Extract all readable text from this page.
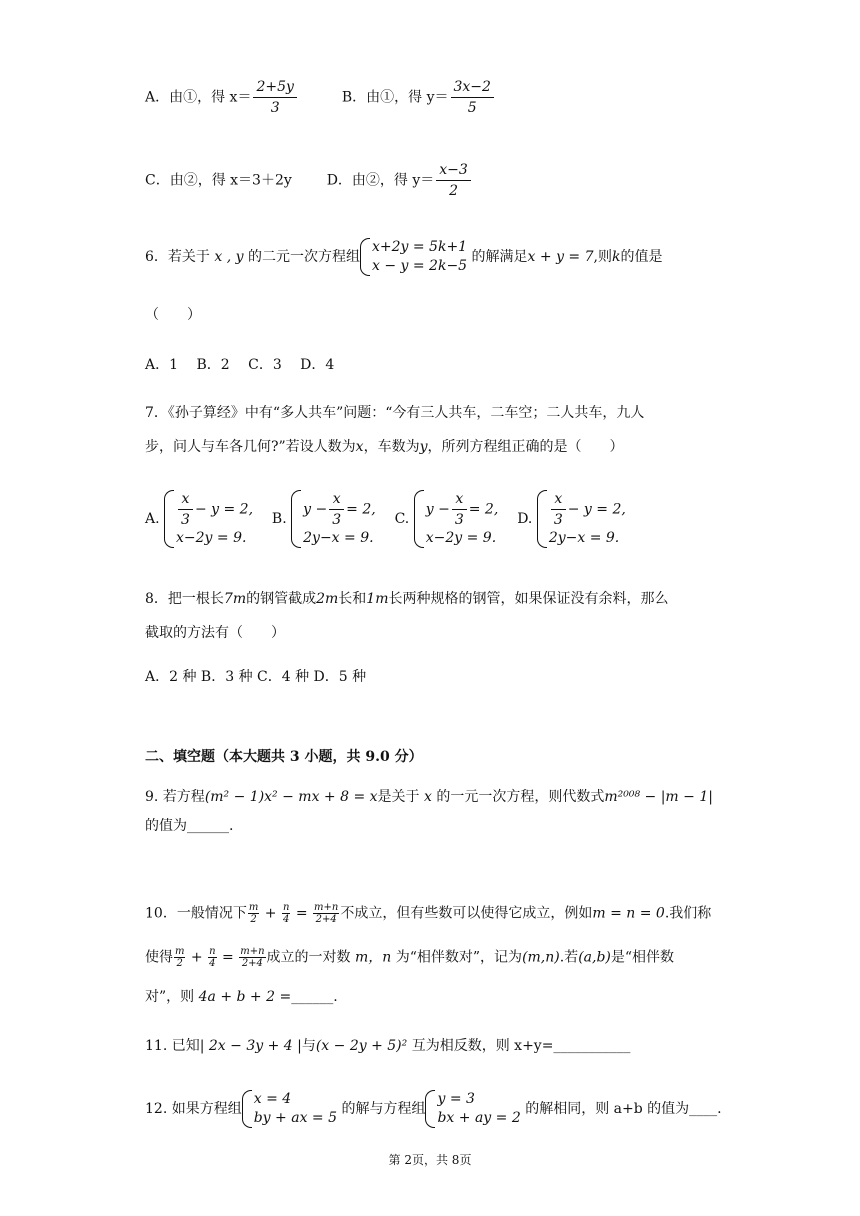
A．由①，得 $x= \frac{2+5y}{3}$	B．由①，得 $y= \frac{3x-2}{5}$
C．由②，得 x＝3＋2y D．由②，得 $y= \frac{x-3}{2}$
6．若关于 x , y 的二元一次方程组
x+2y = 5k+1
x − y = 2k−5
的解满足x + y = 7,则k的值是
（　　）
A．1　 B．2　 C．3　 D．4
7．《孙子算经》中有“多人共车”问题：“今有三人共车，二车空；二人共车，九人
步，问人与车各几何?”若设人数为x，车数为y，所列方程组正确的是（　　）
A. $\frac{x}{3} - y = 2$,
x−2y = 9.
B.
$y - \frac{x}{3} = 2$,
2y−x = 9.
C.
$y - \frac{x}{3} = 2$,
x−2y = 9.
D. $\frac{x}{3} - y = 2$,
2y−x = 9.
8．把一根长7m的钢管截成2m长和1m长两种规格的钢管，如果保证没有余料，那么
截取的方法有（　　）
A．2 种 B．3 种 C．4 种 D．5 种
二、填空题（本大题共 3 小题，共 9.0 分）
9. 若方程(m² − 1)x² − mx + 8 = x是关于 x 的一元一次方程，则代数式m²⁰⁰⁸ − |m − 1|
的值为______.
10．一般情况下 $\frac{m}{2} + \frac{n}{4} = \frac{m+n}{2+4}$ 不成立，但有些数可以使得它成立，例如m = n = 0.我们称
使得 $\frac{m}{2} + \frac{n}{4} = \frac{m+n}{2+4}$ 成立的一对数 m，n 为“相伴数对”，记为(m,n).若(a,b)是“相伴数
对”，则 4a + b + 2 =______.
11. 已知| 2x − 3y + 4 |与(x − 2y + 5)² 互为相反数，则 x+y=___________
12. 如果方程组
x = 4
by + ax = 5
的解与方程组
y = 3
bx + ay = 2
的解相同，则 a+b 的值为____.
第 2页，共 8页
